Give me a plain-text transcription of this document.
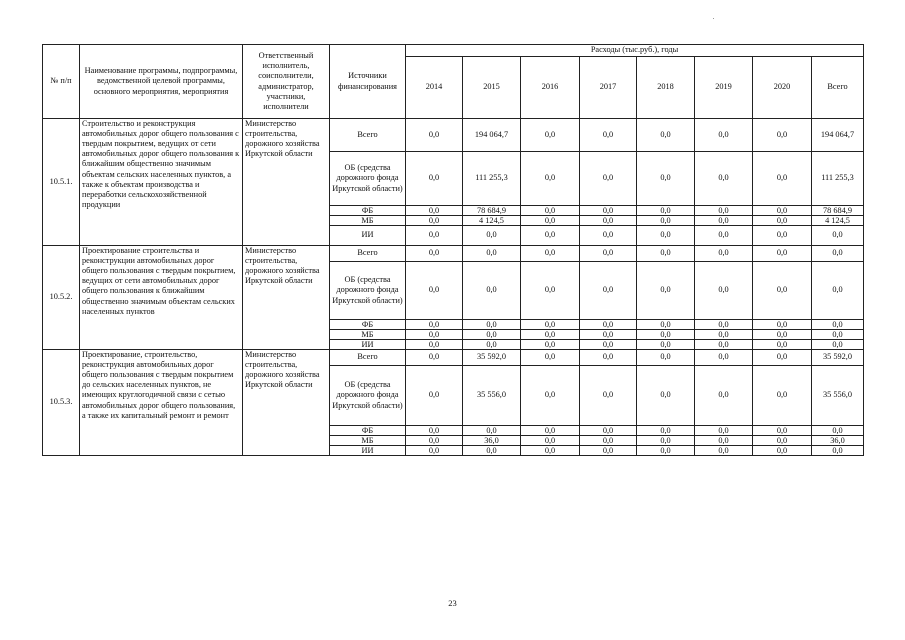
№ п/п	Наименование программы, подпрограммы, ведомственной целевой программы, основного мероприятия, мероприятия	Ответственный исполнитель, соисполнители, администратор, участники, исполнители	Источники финансирования	Расходы (тыс.руб.), годы							
				2014	2015	2016	2017	2018	2019	2020	Всего
10.5.1.	Строительство и реконструкция автомобильных дорог общего пользования с твердым покрытием, ведущих от сети автомобильных дорог общего пользования к ближайшим общественно значимым объектам сельских населенных пунктов, а также к объектам производства и переработки сельскохозяйственной продукции	Министерство строительства, дорожного хозяйства Иркутской области	Всего	0,0	194 064,7	0,0	0,0	0,0	0,0	0,0	194 064,7
			ОБ (средства дорожного фонда Иркутской области)	0,0	111 255,3	0,0	0,0	0,0	0,0	0,0	111 255,3
			ФБ	0,0	78 684,9	0,0	0,0	0,0	0,0	0,0	78 684,9
			МБ	0,0	4 124,5	0,0	0,0	0,0	0,0	0,0	4 124,5
			ИИ	0,0	0,0	0,0	0,0	0,0	0,0	0,0	0,0
10.5.2.	Проектирование строительства и реконструкции автомобильных дорог общего пользования с твердым покрытием, ведущих от сети автомобильных дорог общего пользования к ближайшим общественно значимым объектам сельских населенных пунктов	Министерство строительства, дорожного хозяйства Иркутской области	Всего	0,0	0,0	0,0	0,0	0,0	0,0	0,0	0,0
			ОБ (средства дорожного фонда Иркутской области)	0,0	0,0	0,0	0,0	0,0	0,0	0,0	0,0
			ФБ	0,0	0,0	0,0	0,0	0,0	0,0	0,0	0,0
			МБ	0,0	0,0	0,0	0,0	0,0	0,0	0,0	0,0
			ИИ	0,0	0,0	0,0	0,0	0,0	0,0	0,0	0,0
10.5.3.	Проектирование, строительство, реконструкция автомобильных дорог общего пользования с твердым покрытием до сельских населенных пунктов, не имеющих круглогодичной связи с сетью автомобильных дорог общего пользования, а также их капитальный ремонт и ремонт	Министерство строительства, дорожного хозяйства Иркутской области	Всего	0,0	35 592,0	0,0	0,0	0,0	0,0	0,0	35 592,0
			ОБ (средства дорожного фонда Иркутской области)	0,0	35 556,0	0,0	0,0	0,0	0,0	0,0	35 556,0
			ФБ	0,0	0,0	0,0	0,0	0,0	0,0	0,0	0,0
			МБ	0,0	36,0	0,0	0,0	0,0	0,0	0,0	36,0
			ИИ	0,0	0,0	0,0	0,0	0,0	0,0	0,0	0,0
23
